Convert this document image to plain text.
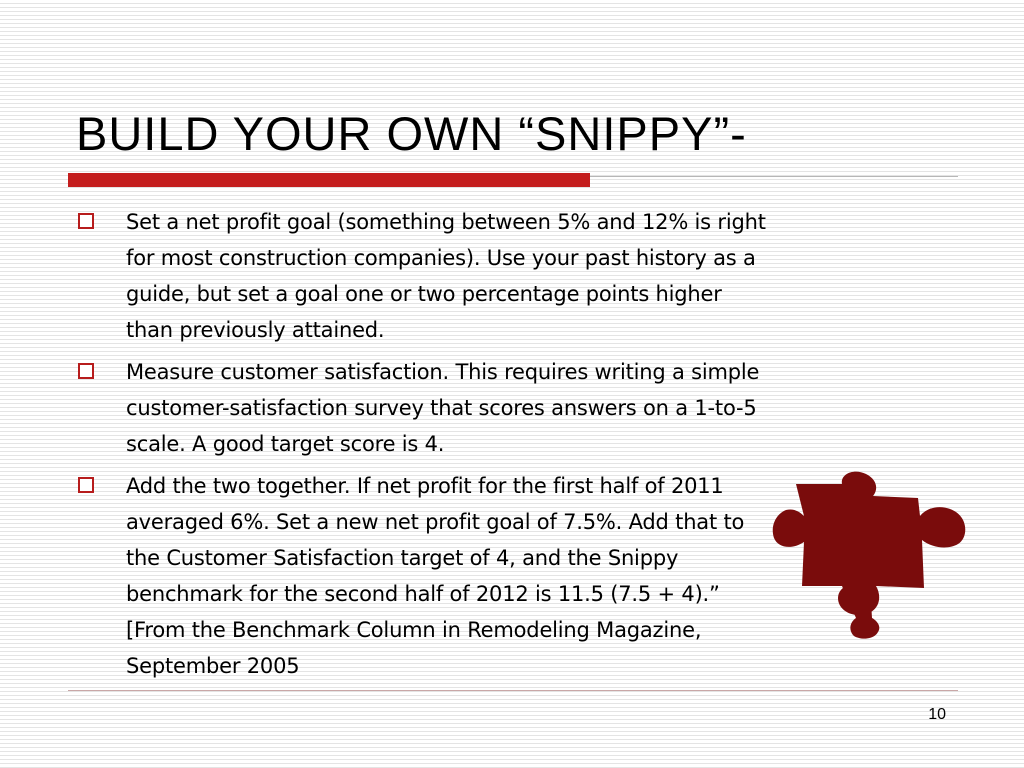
BUILD YOUR OWN “SNIPPY”-
Set a net profit goal (something between 5% and 12% is right for most construction companies). Use your past history as a guide, but set a goal one or two percentage points higher than previously attained.
Measure customer satisfaction. This requires writing a simple customer-satisfaction survey that scores answers on a 1-to-5 scale. A good target score is 4.
Add the two together. If net profit for the first half of 2011 averaged 6%. Set a new net profit goal of 7.5%. Add that to the Customer Satisfaction target of 4, and the Snippy benchmark for the second half of 2012 is 11.5 (7.5 + 4).” [From the Benchmark Column in Remodeling Magazine, September 2005
10
